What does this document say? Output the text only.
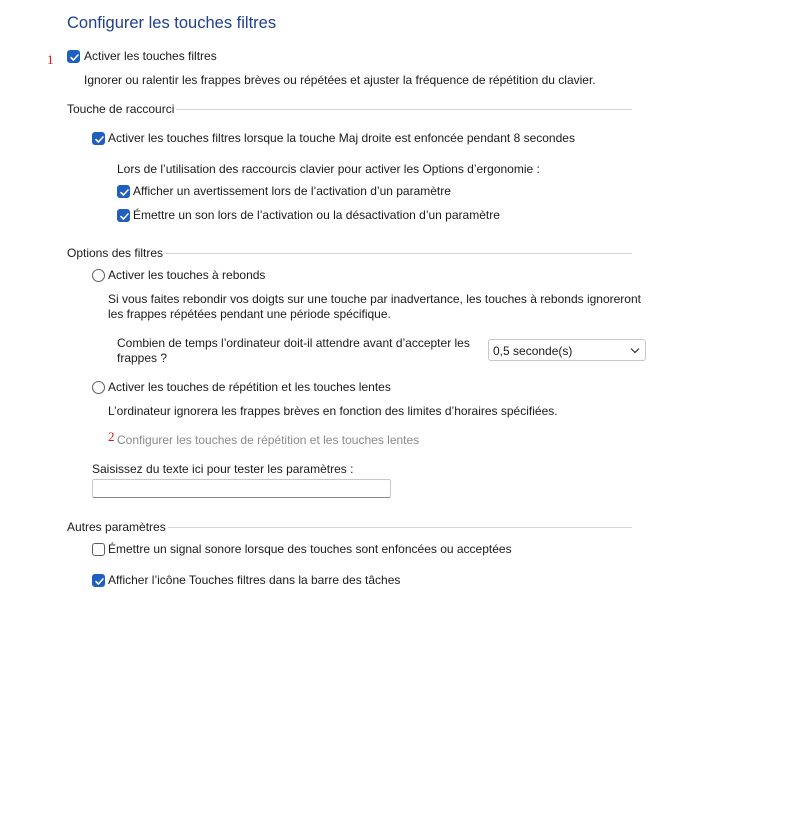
Configurer les touches filtres
1	Activer les touches filtres
Ignorer ou ralentir les frappes brèves ou répétées et ajuster la fréquence de répétition du clavier.
Touche de raccourci
Activer les touches filtres lorsque la touche Maj droite est enfoncée pendant 8 secondes
Lors de l’utilisation des raccourcis clavier pour activer les Options d’ergonomie :
Afficher un avertissement lors de l’activation d’un paramètre
Émettre un son lors de l’activation ou la désactivation d’un paramètre
Options des filtres
Activer les touches à rebonds
Si vous faites rebondir vos doigts sur une touche par inadvertance, les touches à rebonds ignoreront
les frappes répétées pendant une période spécifique.
Combien de temps l’ordinateur doit-il attendre avant d’accepter les
frappes ?	0,5 seconde(s)
Activer les touches de répétition et les touches lentes
L’ordinateur ignorera les frappes brèves en fonction des limites d’horaires spécifiées.
2 Configurer les touches de répétition et les touches lentes
Saisissez du texte ici pour tester les paramètres :
Autres paramètres
Émettre un signal sonore lorsque des touches sont enfoncées ou acceptées
Afficher l’icône Touches filtres dans la barre des tâches
